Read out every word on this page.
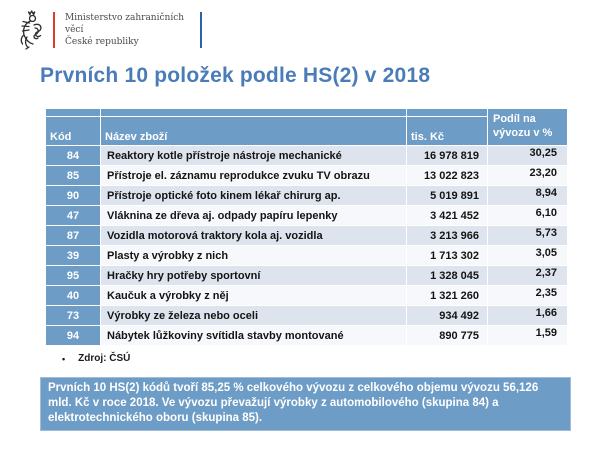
Ministerstvo zahraničních věcí
České republiky
Prvních 10 položek podle HS(2) v 2018
			Podíl na vývozu v %
Kód	Název zboží	tis. Kč	
84	Reaktory kotle přístroje nástroje mechanické	16 978 819	30,25
85	Přístroje el. záznamu reprodukce zvuku TV obrazu	13 022 823	23,20
90	Přístroje optické foto kinem lékař chirurg ap.	5 019 891	8,94
47	Vláknina ze dřeva aj. odpady papíru lepenky	3 421 452	6,10
87	Vozidla motorová traktory kola aj. vozidla	3 213 966	5,73
39	Plasty a výrobky z nich	1 713 302	3,05
95	Hračky hry potřeby sportovní	1 328 045	2,37
40	Kaučuk a výrobky z něj	1 321 260	2,35
73	Výrobky ze železa nebo oceli	934 492	1,66
94	Nábytek lůžkoviny svítidla stavby montované	890 775	1,59
• Zdroj: ČSÚ
Prvních 10 HS(2) kódů tvoří 85,25 % celkového vývozu z celkového objemu vývozu 56,126 mld. Kč v roce 2018. Ve vývozu převažují výrobky z automobilového (skupina 84) a elektrotechnického oboru (skupina 85).
